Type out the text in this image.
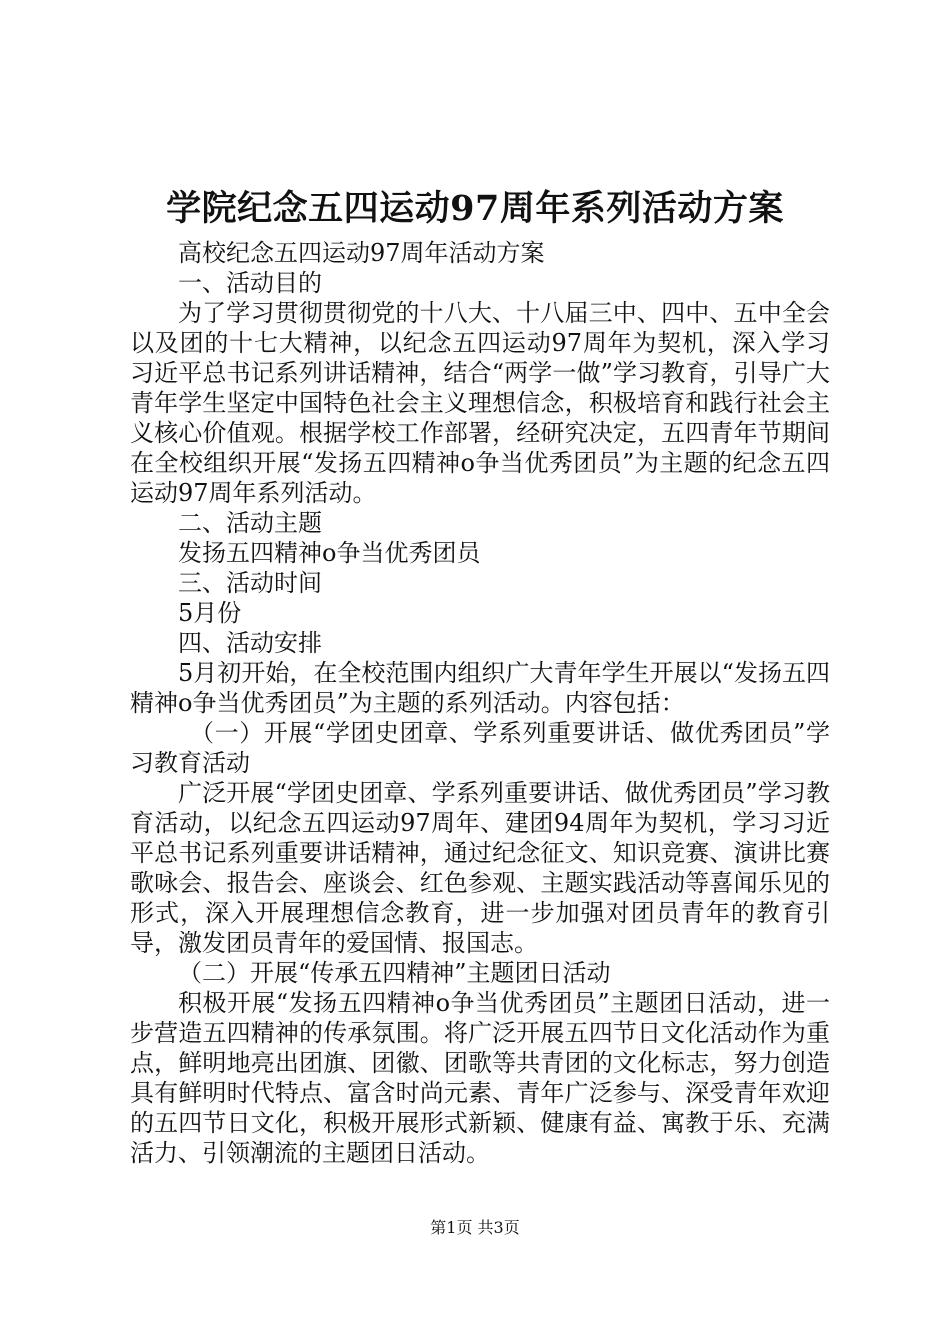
学院纪念五四运动97周年系列活动方案

高校纪念五四运动97周年活动方案

一、活动目的

为了学习贯彻贯彻党的十八大、十八届三中、四中、五中全会以及团的十七大精神，以纪念五四运动97周年为契机，深入学习习近平总书记系列讲话精神，结合“两学一做”学习教育，引导广大青年学生坚定中国特色社会主义理想信念，积极培育和践行社会主义核心价值观。根据学校工作部署，经研究决定，五四青年节期间在全校组织开展“发扬五四精神o争当优秀团员”为主题的纪念五四运动97周年系列活动。

二、活动主题

发扬五四精神o争当优秀团员

三、活动时间

5月份

四、活动安排

5月初开始，在全校范围内组织广大青年学生开展以“发扬五四精神o争当优秀团员”为主题的系列活动。内容包括：

（一）开展“学团史团章、学系列重要讲话、做优秀团员”学习教育活动

广泛开展“学团史团章、学系列重要讲话、做优秀团员”学习教育活动，以纪念五四运动97周年、建团94周年为契机，学习习近平总书记系列重要讲话精神，通过纪念征文、知识竞赛、演讲比赛歌咏会、报告会、座谈会、红色参观、主题实践活动等喜闻乐见的形式，深入开展理想信念教育，进一步加强对团员青年的教育引导，激发团员青年的爱国情、报国志。

（二）开展“传承五四精神”主题团日活动

积极开展“发扬五四精神o争当优秀团员”主题团日活动，进一步营造五四精神的传承氛围。将广泛开展五四节日文化活动作为重点，鲜明地亮出团旗、团徽、团歌等共青团的文化标志，努力创造具有鲜明时代特点、富含时尚元素、青年广泛参与、深受青年欢迎的五四节日文化，积极开展形式新颖、健康有益、寓教于乐、充满活力、引领潮流的主题团日活动。

第1页 共3页
